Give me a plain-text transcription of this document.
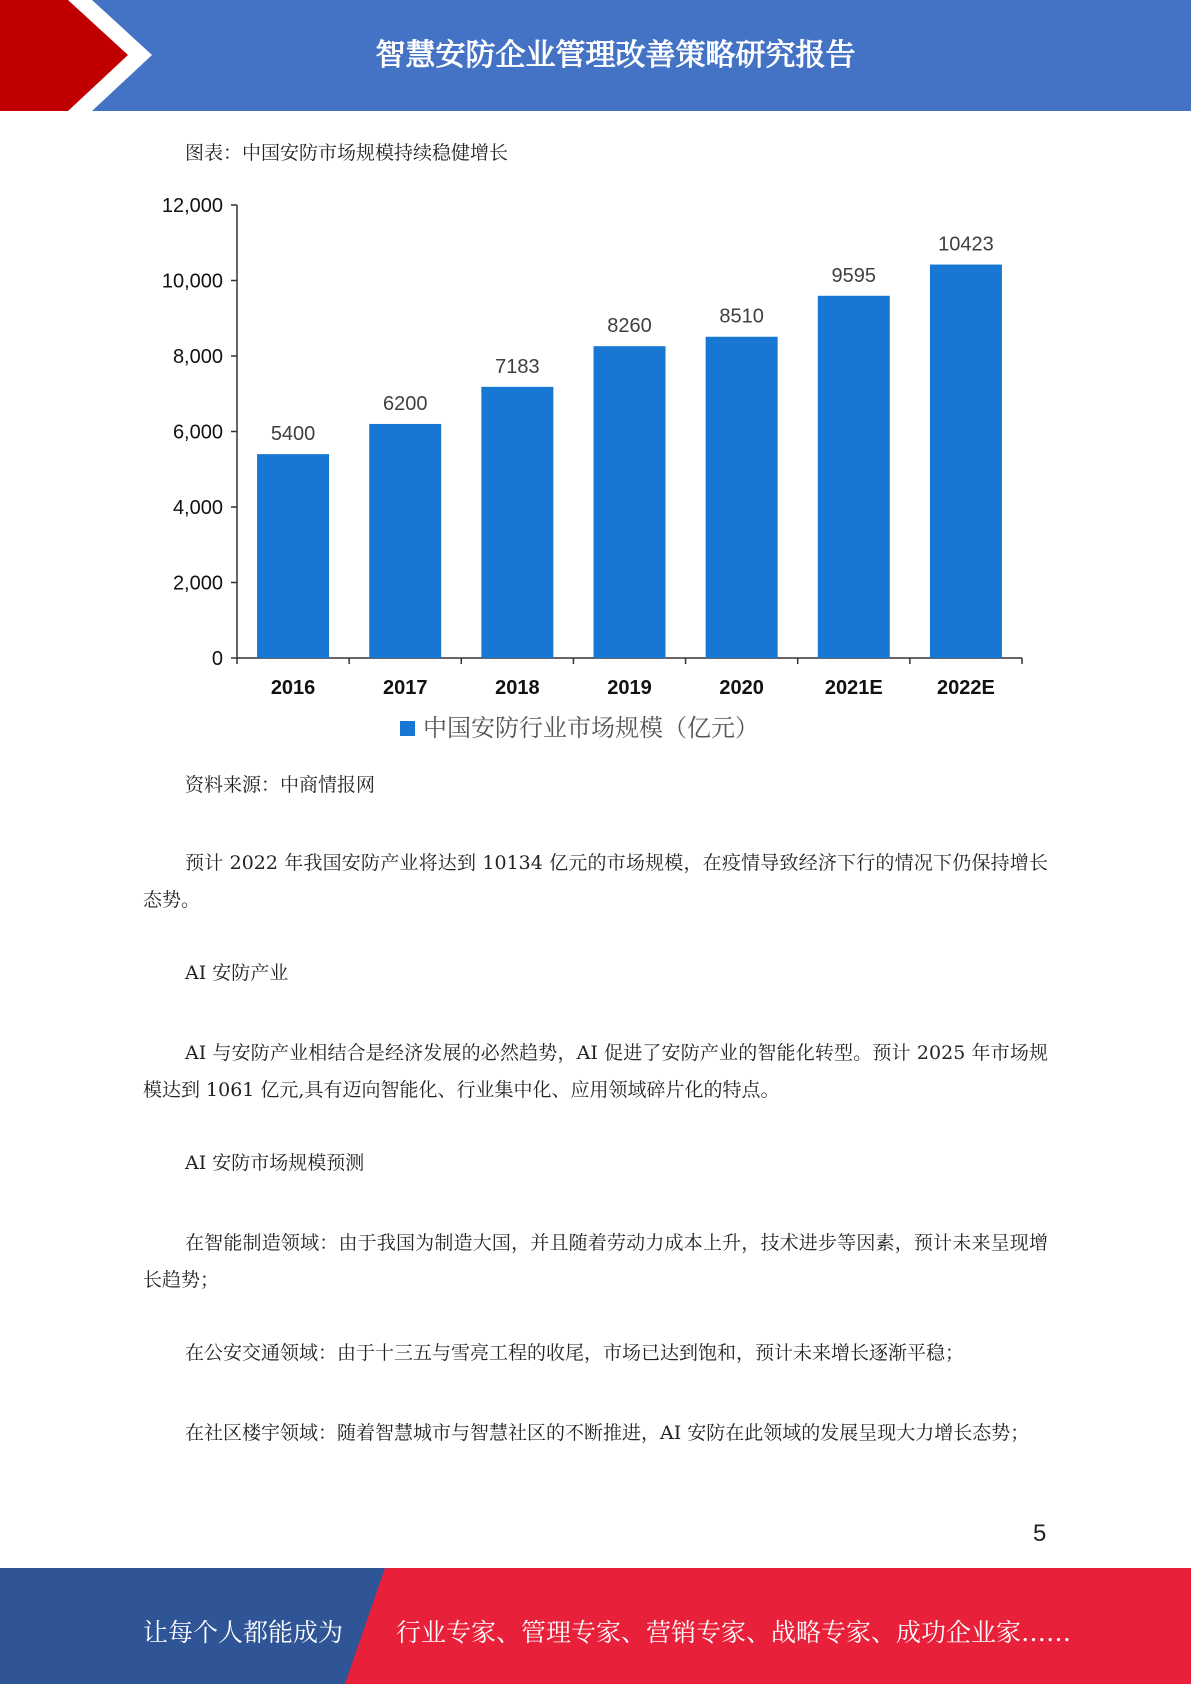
智慧安防企业管理改善策略研究报告
图表：中国安防市场规模持续稳健增长
0
2,000
4,000
6,000
8,000
10,000
12,000
5400
2016
6200
2017
7183
2018
8260
2019
8510
2020
9595
2021E
10423
2022E
中国安防行业市场规模（亿元）
资料来源：中商情报网

预计 2022 年我国安防产业将达到 10134 亿元的市场规模，在疫情导致经济下行的情况下仍保持增长态势。

AI 安防产业

AI 与安防产业相结合是经济发展的必然趋势，AI 促进了安防产业的智能化转型。预计 2025 年市场规模达到 1061 亿元,具有迈向智能化、行业集中化、应用领域碎片化的特点。

AI 安防市场规模预测

在智能制造领域：由于我国为制造大国，并且随着劳动力成本上升，技术进步等因素，预计未来呈现增长趋势；

在公安交通领域：由于十三五与雪亮工程的收尾，市场已达到饱和，预计未来增长逐渐平稳；

在社区楼宇领域：随着智慧城市与智慧社区的不断推进，AI 安防在此领域的发展呈现大力增长态势；

5
让每个人都能成为 行业专家、管理专家、营销专家、战略专家、成功企业家……
